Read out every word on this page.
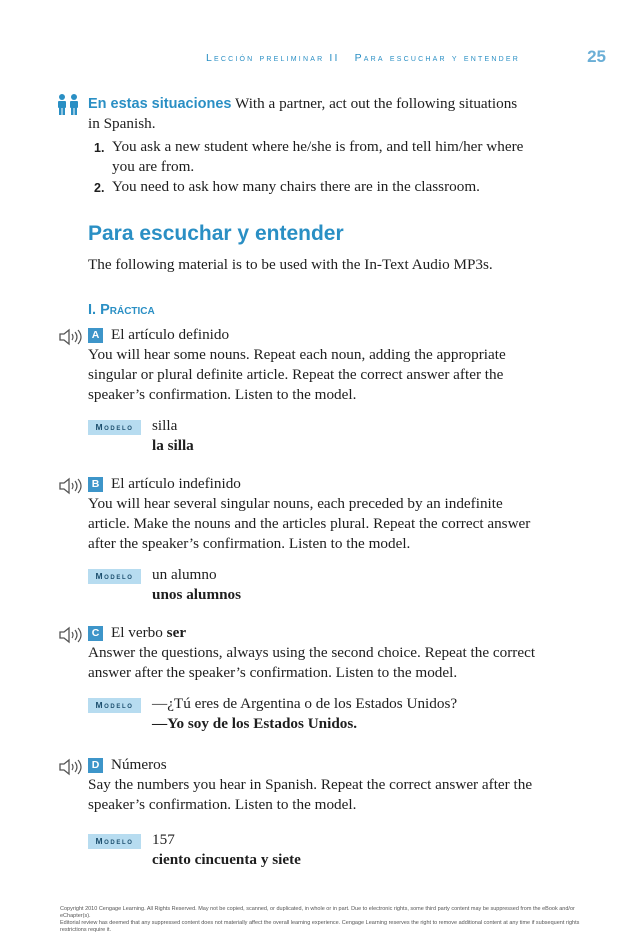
Lección preliminar II Para escuchar y entender	25
En estas situaciones With a partner, act out the following situations
in Spanish.
1. You ask a new student where he/she is from, and tell him/her where
you are from.
2. You need to ask how many chairs there are in the classroom.
Para escuchar y entender
The following material is to be used with the In-Text Audio MP3s.
I. Práctica
A El artículo definido
You will hear some nouns. Repeat each noun, adding the appropriate
singular or plural definite article. Repeat the correct answer after the
speaker’s confirmation. Listen to the model.
Modelo	silla
la silla
B El artículo indefinido
You will hear several singular nouns, each preceded by an indefinite
article. Make the nouns and the articles plural. Repeat the correct answer
after the speaker’s confirmation. Listen to the model.
Modelo	un alumno
unos alumnos
C El verbo ser
Answer the questions, always using the second choice. Repeat the correct
answer after the speaker’s confirmation. Listen to the model.
Modelo	—¿Tú eres de Argentina o de los Estados Unidos?
—Yo soy de los Estados Unidos.
D Números
Say the numbers you hear in Spanish. Repeat the correct answer after the
speaker’s confirmation. Listen to the model.
Modelo	157
ciento cincuenta y siete
Copyright 2010 Cengage Learning. All Rights Reserved. May not be copied, scanned, or duplicated, in whole or in part. Due to electronic rights, some third party content may be suppressed from the eBook and/or eChapter(s).
Editorial review has deemed that any suppressed content does not materially affect the overall learning experience. Cengage Learning reserves the right to remove additional content at any time if subsequent rights restrictions require it.
